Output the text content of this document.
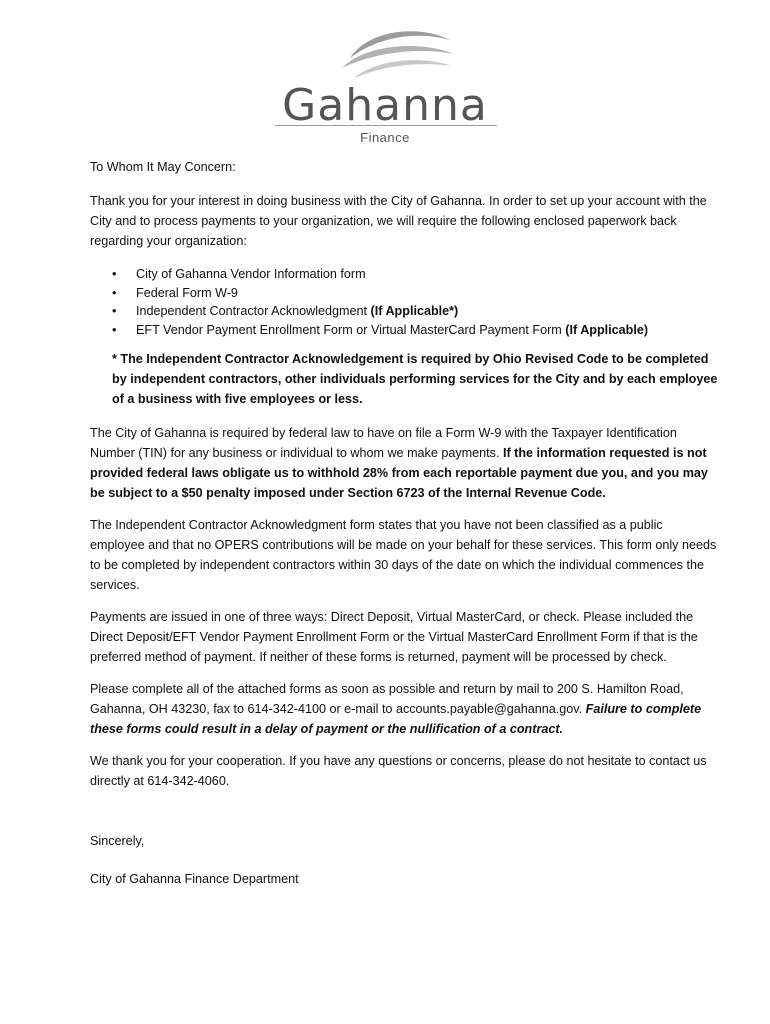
Gahanna
Finance

To Whom It May Concern:

Thank you for your interest in doing business with the City of Gahanna. In order to set up your account with the City and to process payments to your organization, we will require the following enclosed paperwork back regarding your organization:

• City of Gahanna Vendor Information form
• Federal Form W-9
• Independent Contractor Acknowledgment (If Applicable*)
• EFT Vendor Payment Enrollment Form or Virtual MasterCard Payment Form (If Applicable)

* The Independent Contractor Acknowledgement is required by Ohio Revised Code to be completed by independent contractors, other individuals performing services for the City and by each employee of a business with five employees or less.

The City of Gahanna is required by federal law to have on file a Form W-9 with the Taxpayer Identification Number (TIN) for any business or individual to whom we make payments. If the information requested is not provided federal laws obligate us to withhold 28% from each reportable payment due you, and you may be subject to a $50 penalty imposed under Section 6723 of the Internal Revenue Code.

The Independent Contractor Acknowledgment form states that you have not been classified as a public employee and that no OPERS contributions will be made on your behalf for these services. This form only needs to be completed by independent contractors within 30 days of the date on which the individual commences the services.

Payments are issued in one of three ways: Direct Deposit, Virtual MasterCard, or check. Please included the Direct Deposit/EFT Vendor Payment Enrollment Form or the Virtual MasterCard Enrollment Form if that is the preferred method of payment. If neither of these forms is returned, payment will be processed by check.

Please complete all of the attached forms as soon as possible and return by mail to 200 S. Hamilton Road, Gahanna, OH 43230, fax to 614-342-4100 or e-mail to accounts.payable@gahanna.gov. Failure to complete these forms could result in a delay of payment or the nullification of a contract.

We thank you for your cooperation. If you have any questions or concerns, please do not hesitate to contact us directly at 614-342-4060.

Sincerely,

City of Gahanna Finance Department
